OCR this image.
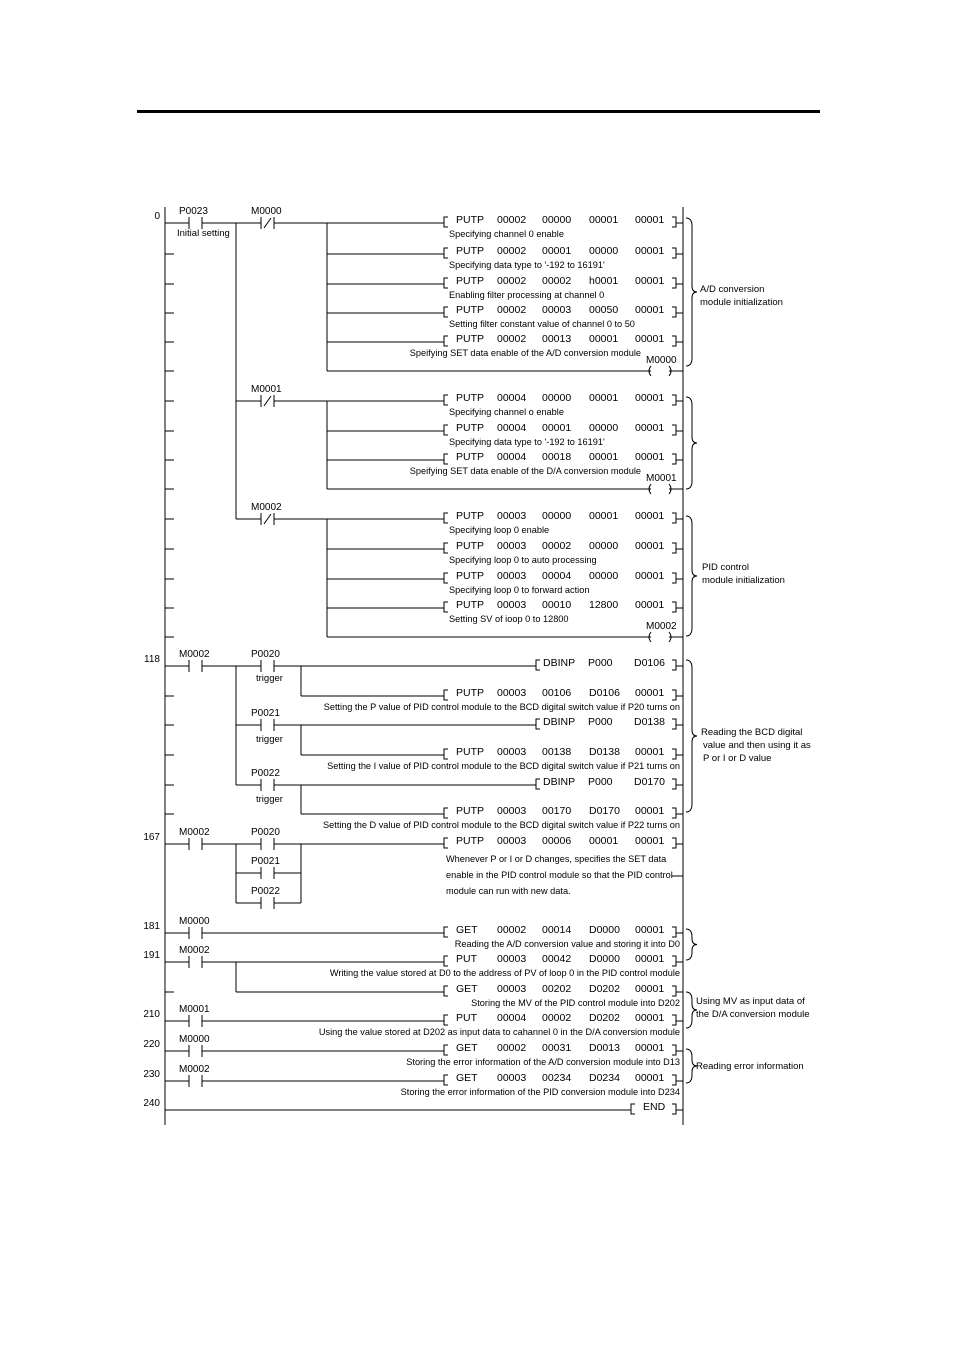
0	PUTP 00002 00000 00001 00001
Specifying channel 0 enable
PUTP 00002 00001 00000 00001
Specifying data type to '-192 to 16191'
PUTP 00002 00002 h0001 00001
Enabling filter processing at channel 0
PUTP 00002 00003 00050 00001
Setting filter constant value of channel 0 to 50
PUTP 00002 00013 00001 00001
Speifying SET data enable of the A/D conversion module
M0000
PUTP 00004 00000 00001 00001
Specifying channel o enable
PUTP 00004 00001 00000 00001
Specifying data type to '-192 to 16191'
PUTP 00004 00018 00001 00001
Speifying SET data enable of the D/A conversion module
M0001
PUTP 00003 00000 00001 00001
Specifying loop 0 enable
PUTP 00003 00002 00000 00001
Specifying loop 0 to auto processing
PUTP 00003 00004 00000 00001
Specifying loop 0 to forward action
PUTP 00003 00010 12800 00001
Setting SV of ioop 0 to 12800
M0002
118	DBINP P000 D0106
PUTP 00003 00106 D0106 00001
Setting the P value of PID control module to the BCD digital switch value if P20 turns on
DBINP P000 D0138
PUTP 00003 00138 D0138 00001
Setting the I value of PID control module to the BCD digital switch value if P21 turns on
DBINP P000 D0170
PUTP 00003 00170 D0170 00001
Setting the D value of PID control module to the BCD digital switch value if P22 turns on
167	PUTP 00003 00006 00001 00001
Whenever P or I or D changes, specifies the SET data
enable in the PID control module so that the PID control
module can run with new data.
181	GET 00002 00014 D0000 00001
Reading the A/D conversion value and storing it into D0
191	PUT 00003 00042 D0000 00001
Writing the value stored at D0 to the address of PV of loop 0 in the PID control module
GET 00003 00202 D0202 00001
Storing the MV of the PID control module into D202
210	PUT 00004 00002 D0202 00001
Using the value stored at D202 as input data to cahannel 0 in the D/A conversion module
220	GET 00002 00031 D0013 00001
Storing the error information of the A/D conversion module into D13
230	GET 00003 00234 D0234 00001
Storing the error information of the PID conversion module into D234
240	END
P0023	M0000
M0001
M0002
M0002	P0020
P0021
P0022
M0002	P0020
P0021
P0022
M0000
M0002
M0001
M0000
M0002
Initial setting
trigger
trigger
trigger
A/D conversion module initialization
PID control module initialization
Reading the BCD digital value and then using it as P or I or D value
Using MV as input data of the D/A conversion module
Reading error information
